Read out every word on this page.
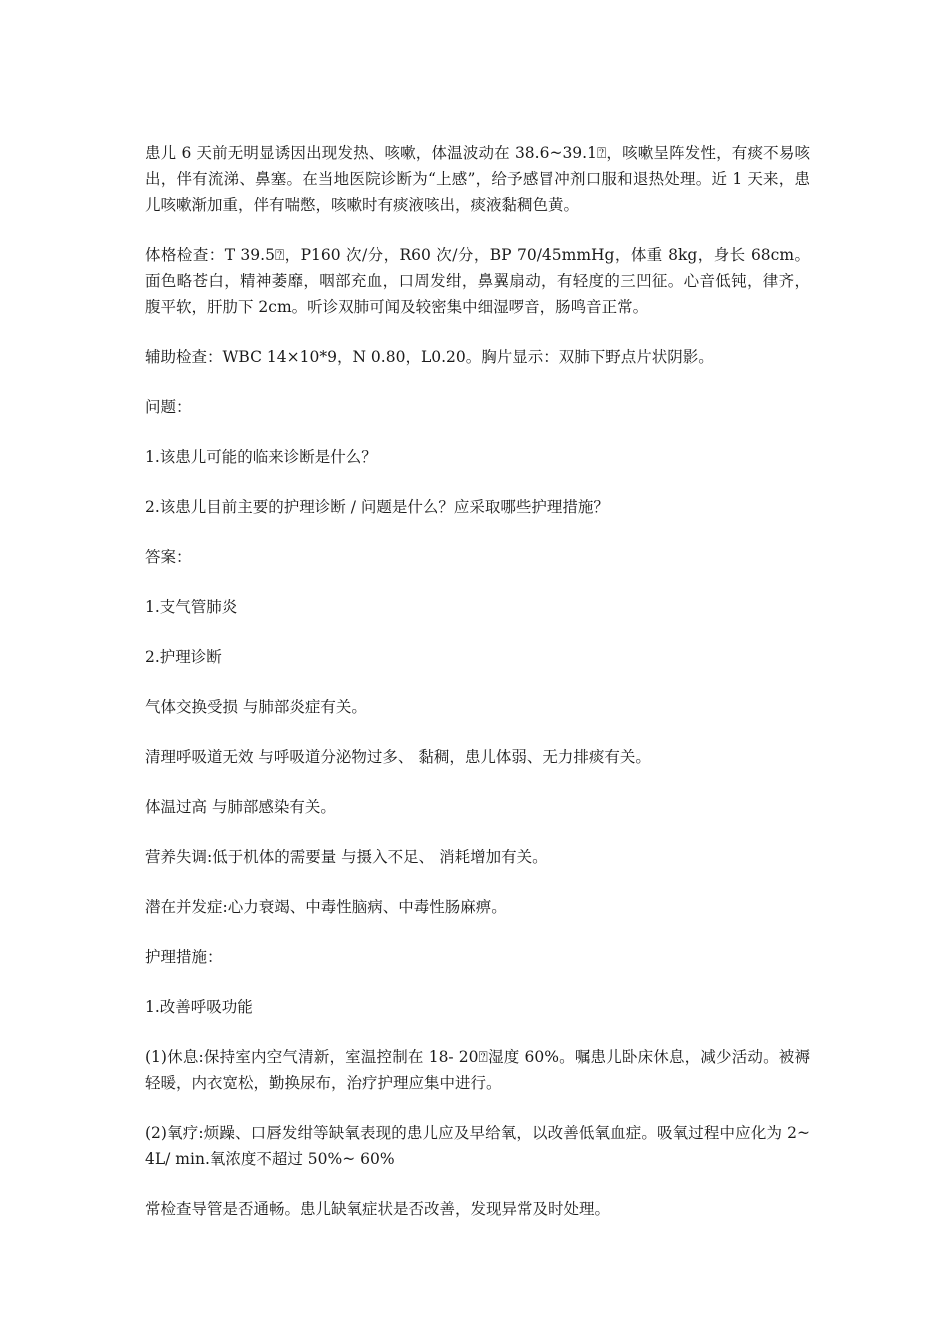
患儿 6 天前无明显诱因出现发热、咳嗽，体温波动在 38.6~39.1⍰，咳嗽呈阵发性，有痰不易咳出，伴有流涕、鼻塞。在当地医院诊断为“上感”，给予感冒冲剂口服和退热处理。近 1 天来，患儿咳嗽渐加重，伴有喘憋，咳嗽时有痰液咳出，痰液黏稠色黄。

体格检查：T 39.5⍰，P160 次/分，R60 次/分，BP 70/45mmHg，体重 8kg，身长 68cm。面色略苍白，精神萎靡，咽部充血，口周发绀，鼻翼扇动，有轻度的三凹征。心音低钝，律齐，腹平软，肝肋下 2cm。听诊双肺可闻及较密集中细湿啰音，肠鸣音正常。

辅助检查：WBC 14×10*9，N 0.80，L0.20。胸片显示：双肺下野点片状阴影。

问题：

1.该患儿可能的临来诊断是什么？

2.该患儿目前主要的护理诊断 / 问题是什么？应采取哪些护理措施？

答案：

1.支气管肺炎

2.护理诊断

气体交换受损 与肺部炎症有关。

清理呼吸道无效 与呼吸道分泌物过多、 黏稠，患儿体弱、无力排痰有关。

体温过高 与肺部感染有关。

营养失调:低于机体的需要量 与摄入不足、 消耗增加有关。

潜在并发症:心力衰竭、中毒性脑病、中毒性肠麻痹。

护理措施：

1.改善呼吸功能

(1)休息:保持室内空气清新，室温控制在 18- 20⍰湿度 60%。嘱患儿卧床休息，减少活动。被褥轻暖，内衣宽松，勤换尿布，治疗护理应集中进行。

(2)氧疗:烦躁、口唇发绀等缺氧表现的患儿应及早给氧，以改善低氧血症。吸氧过程中应化为 2~4L/ min.氧浓度不超过 50%~ 60%

常检查导管是否通畅。患儿缺氧症状是否改善，发现异常及时处理。
